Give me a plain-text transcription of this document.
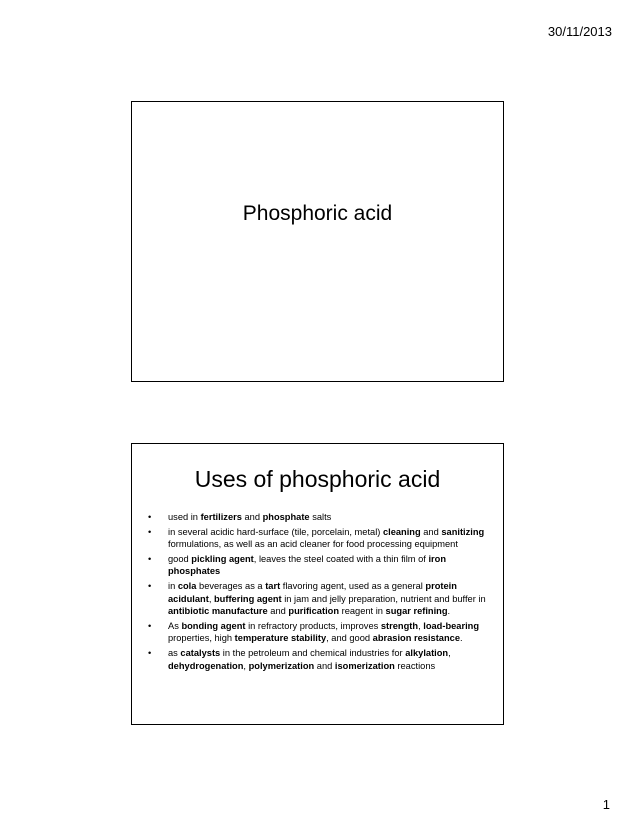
30/11/2013
Phosphoric acid
Uses of phosphoric acid
• used in fertilizers and phosphate salts
• in several acidic hard-surface (tile, porcelain, metal) cleaning and sanitizing formulations, as well as an acid cleaner for food processing equipment
• good pickling agent, leaves the steel coated with a thin film of iron phosphates
• in cola beverages as a tart flavoring agent, used as a general protein acidulant, buffering agent in jam and jelly preparation, nutrient and buffer in antibiotic manufacture and purification reagent in sugar refining.
• As bonding agent in refractory products, improves strength, load-bearing properties, high temperature stability, and good abrasion resistance.
• as catalysts in the petroleum and chemical industries for alkylation, dehydrogenation, polymerization and isomerization reactions
1
